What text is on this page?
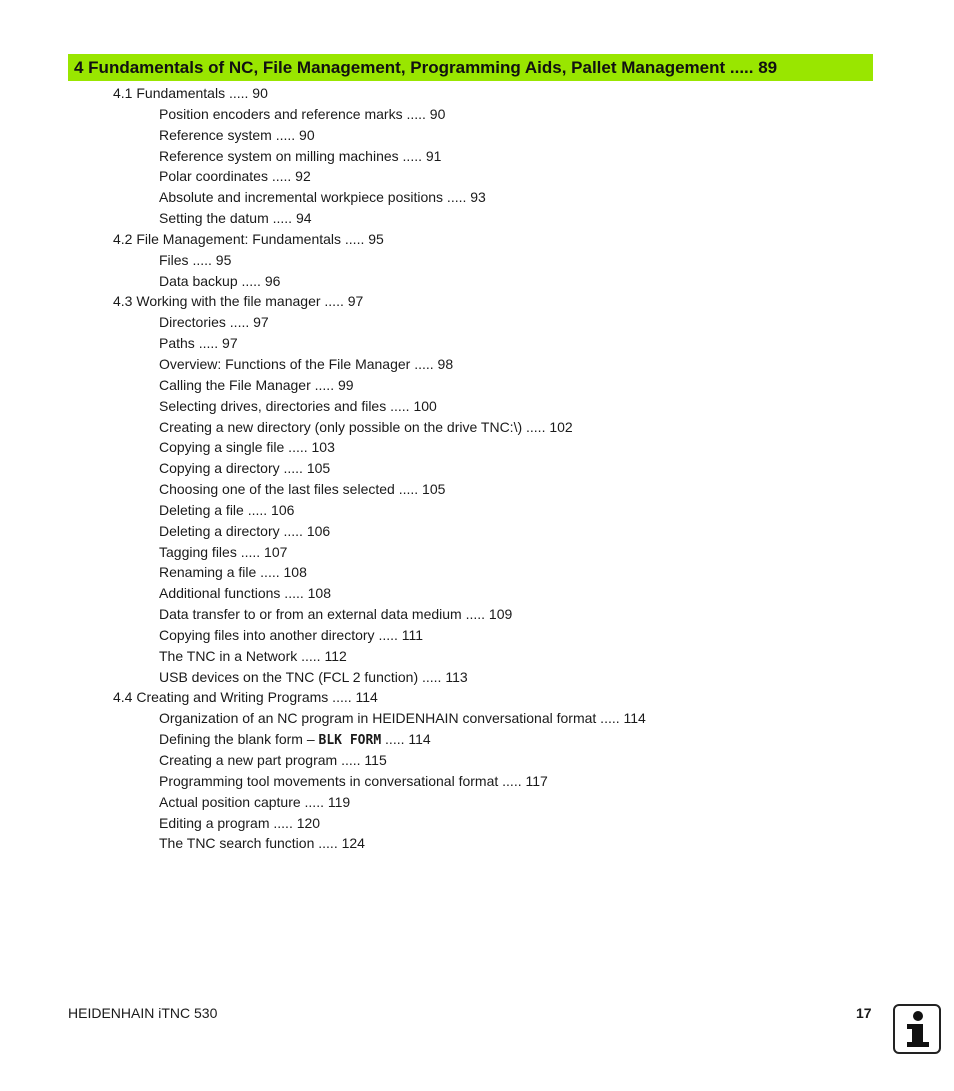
4 Fundamentals of NC, File Management, Programming Aids, Pallet Management ..... 89
4.1 Fundamentals ..... 90
Position encoders and reference marks ..... 90
Reference system ..... 90
Reference system on milling machines ..... 91
Polar coordinates ..... 92
Absolute and incremental workpiece positions ..... 93
Setting the datum ..... 94
4.2 File Management: Fundamentals ..... 95
Files ..... 95
Data backup ..... 96
4.3 Working with the file manager ..... 97
Directories ..... 97
Paths ..... 97
Overview: Functions of the File Manager ..... 98
Calling the File Manager ..... 99
Selecting drives, directories and files ..... 100
Creating a new directory (only possible on the drive TNC:\) ..... 102
Copying a single file ..... 103
Copying a directory ..... 105
Choosing one of the last files selected ..... 105
Deleting a file ..... 106
Deleting a directory ..... 106
Tagging files ..... 107
Renaming a file ..... 108
Additional functions ..... 108
Data transfer to or from an external data medium ..... 109
Copying files into another directory ..... 111
The TNC in a Network ..... 112
USB devices on the TNC (FCL 2 function) ..... 113
4.4 Creating and Writing Programs ..... 114
Organization of an NC program in HEIDENHAIN conversational format ..... 114
Defining the blank form – BLK FORM ..... 114
Creating a new part program ..... 115
Programming tool movements in conversational format ..... 117
Actual position capture ..... 119
Editing a program ..... 120
The TNC search function ..... 124
HEIDENHAIN iTNC 530	17
